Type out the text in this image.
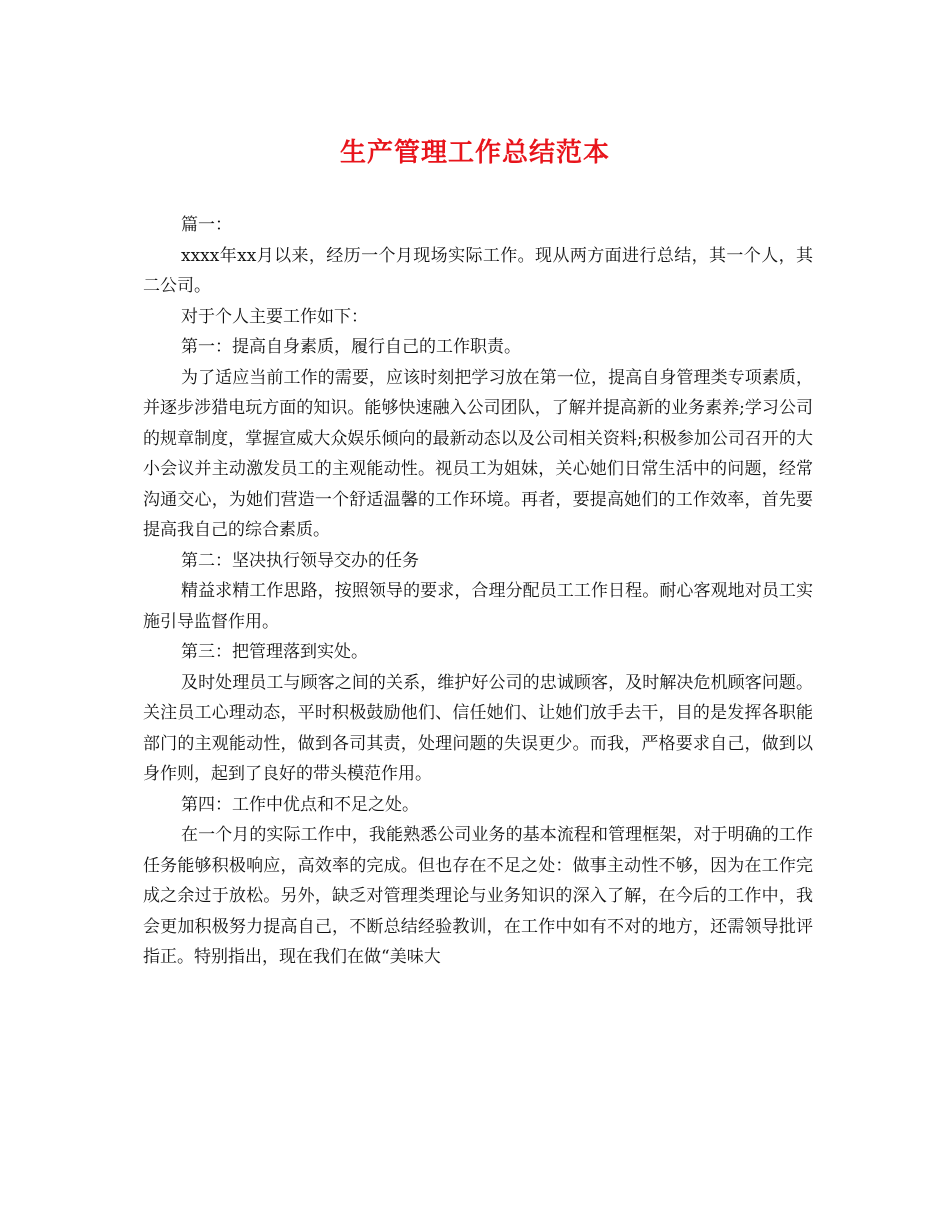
生产管理工作总结范本

篇一：

xxxx年xx月以来，经历一个月现场实际工作。现从两方面进行总结，其一个人，其二公司。

对于个人主要工作如下：

第一：提高自身素质，履行自己的工作职责。

为了适应当前工作的需要，应该时刻把学习放在第一位，提高自身管理类专项素质，并逐步涉猎电玩方面的知识。能够快速融入公司团队，了解并提高新的业务素养;学习公司的规章制度，掌握宣威大众娱乐倾向的最新动态以及公司相关资料;积极参加公司召开的大小会议并主动激发员工的主观能动性。视员工为姐妹，关心她们日常生活中的问题，经常沟通交心，为她们营造一个舒适温馨的工作环境。再者，要提高她们的工作效率，首先要提高我自己的综合素质。

第二：坚决执行领导交办的任务

精益求精工作思路，按照领导的要求，合理分配员工工作日程。耐心客观地对员工实施引导监督作用。

第三：把管理落到实处。

及时处理员工与顾客之间的关系，维护好公司的忠诚顾客，及时解决危机顾客问题。关注员工心理动态，平时积极鼓励他们、信任她们、让她们放手去干，目的是发挥各职能部门的主观能动性，做到各司其责，处理问题的失误更少。而我，严格要求自己，做到以身作则，起到了良好的带头模范作用。

第四：工作中优点和不足之处。

在一个月的实际工作中，我能熟悉公司业务的基本流程和管理框架，对于明确的工作任务能够积极响应，高效率的完成。但也存在不足之处：做事主动性不够，因为在工作完成之余过于放松。另外，缺乏对管理类理论与业务知识的深入了解，在今后的工作中，我会更加积极努力提高自己，不断总结经验教训，在工作中如有不对的地方，还需领导批评指正。特别指出，现在我们在做“美味大
